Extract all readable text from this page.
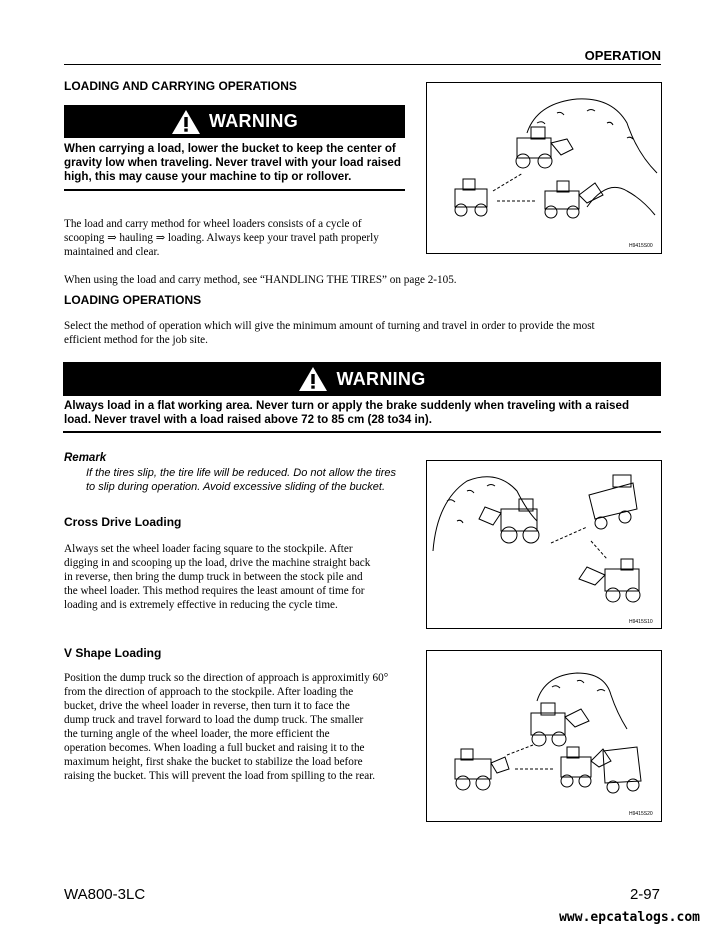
OPERATION
LOADING AND CARRYING OPERATIONS
WARNING
When carrying a load, lower the bucket to keep the center of
gravity low when traveling. Never travel with your load raised
high, this may cause your machine to tip or rollover.
The load and carry method for wheel loaders consists of a cycle of
scooping ⇒ hauling ⇒ loading. Always keep your travel path properly
maintained and clear.	H9415S00
When using the load and carry method, see “HANDLING THE TIRES” on page 2-105.
LOADING OPERATIONS
Select the method of operation which will give the minimum amount of turning and travel in order to provide the most
efficient method for the job site.
WARNING
Always load in a flat working area. Never turn or apply the brake suddenly when traveling with a raised
load. Never travel with a load raised above 72 to 85 cm (28 to34 in).
Remark
If the tires slip, the tire life will be reduced. Do not allow the tires
to slip during operation. Avoid excessive sliding of the bucket.
Cross Drive Loading
Always set the wheel loader facing square to the stockpile. After
digging in and scooping up the load, drive the machine straight back
in reverse, then bring the dump truck in between the stock pile and
the wheel loader. This method requires the least amount of time for
loading and is extremely effective in reducing the cycle time.
H9415S10
V Shape Loading
Position the dump truck so the direction of approach is approximitly 60°
from the direction of approach to the stockpile. After loading the
bucket, drive the wheel loader in reverse, then turn it to face the
dump truck and travel forward to load the dump truck. The smaller
the turning angle of the wheel loader, the more efficient the
operation becomes. When loading a full bucket and raising it to the
maximum height, first shake the bucket to stabilize the load before
raising the bucket. This will prevent the load from spilling to the rear.
H9415S20
WA800-3LC	2-97
www.epcatalogs.com
